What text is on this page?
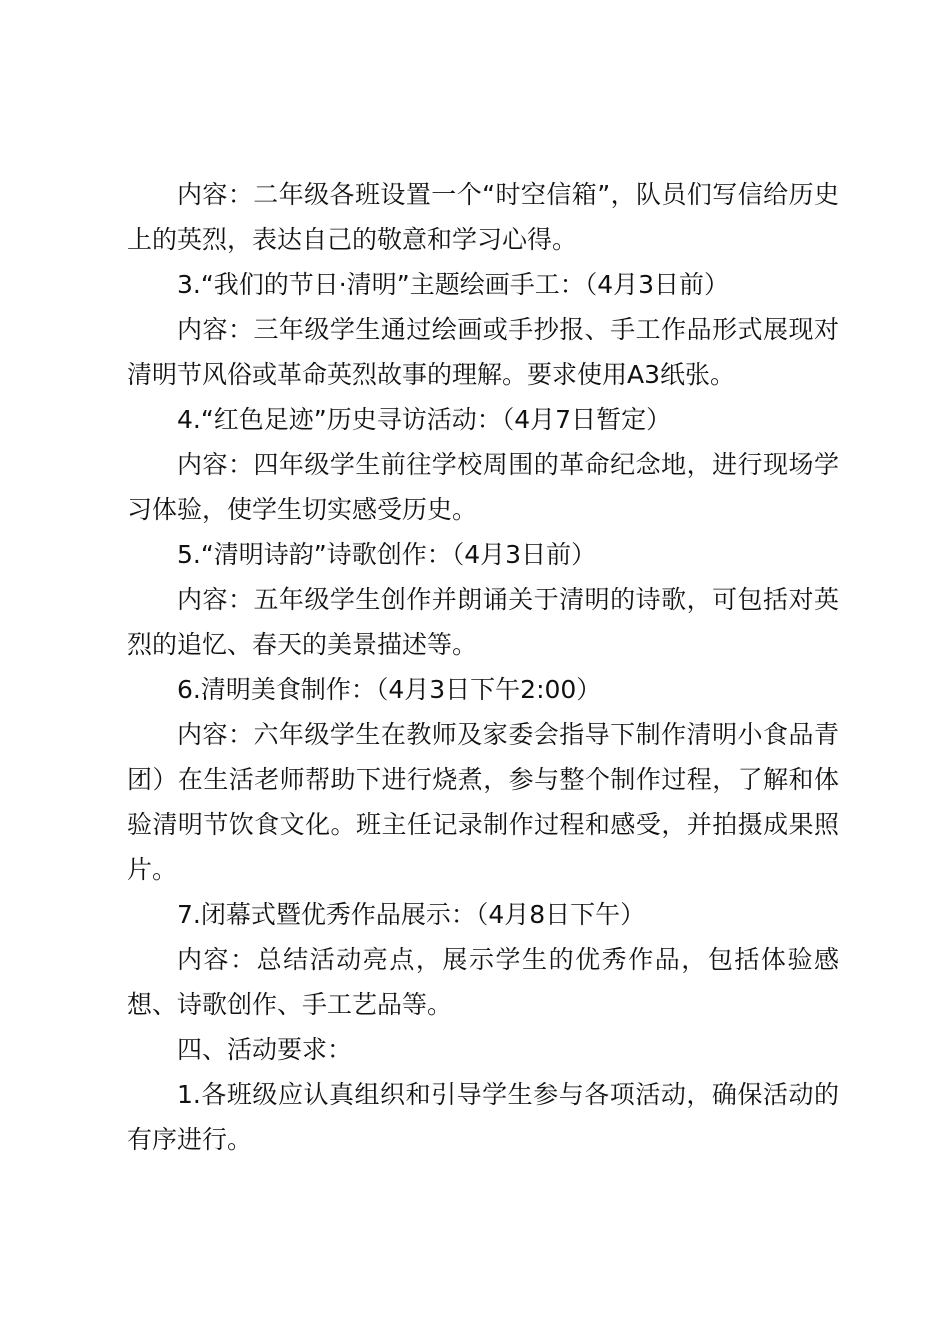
内容：二年级各班设置一个“时空信箱”，队员们写信给历史上的英烈，表达自己的敬意和学习心得。

3.“我们的节日·清明”主题绘画手工：（4月3日前）

内容：三年级学生通过绘画或手抄报、手工作品形式展现对清明节风俗或革命英烈故事的理解。要求使用A3纸张。

4.“红色足迹”历史寻访活动：（4月7日暂定）

内容：四年级学生前往学校周围的革命纪念地，进行现场学习体验，使学生切实感受历史。

5.“清明诗韵”诗歌创作：（4月3日前）

内容：五年级学生创作并朗诵关于清明的诗歌，可包括对英烈的追忆、春天的美景描述等。

6.清明美食制作：（4月3日下午2:00）

内容：六年级学生在教师及家委会指导下制作清明小食品青团）在生活老师帮助下进行烧煮，参与整个制作过程，了解和体验清明节饮食文化。班主任记录制作过程和感受，并拍摄成果照片。

7.闭幕式暨优秀作品展示：（4月8日下午）

内容：总结活动亮点，展示学生的优秀作品，包括体验感想、诗歌创作、手工艺品等。

四、活动要求：

1.各班级应认真组织和引导学生参与各项活动，确保活动的有序进行。
